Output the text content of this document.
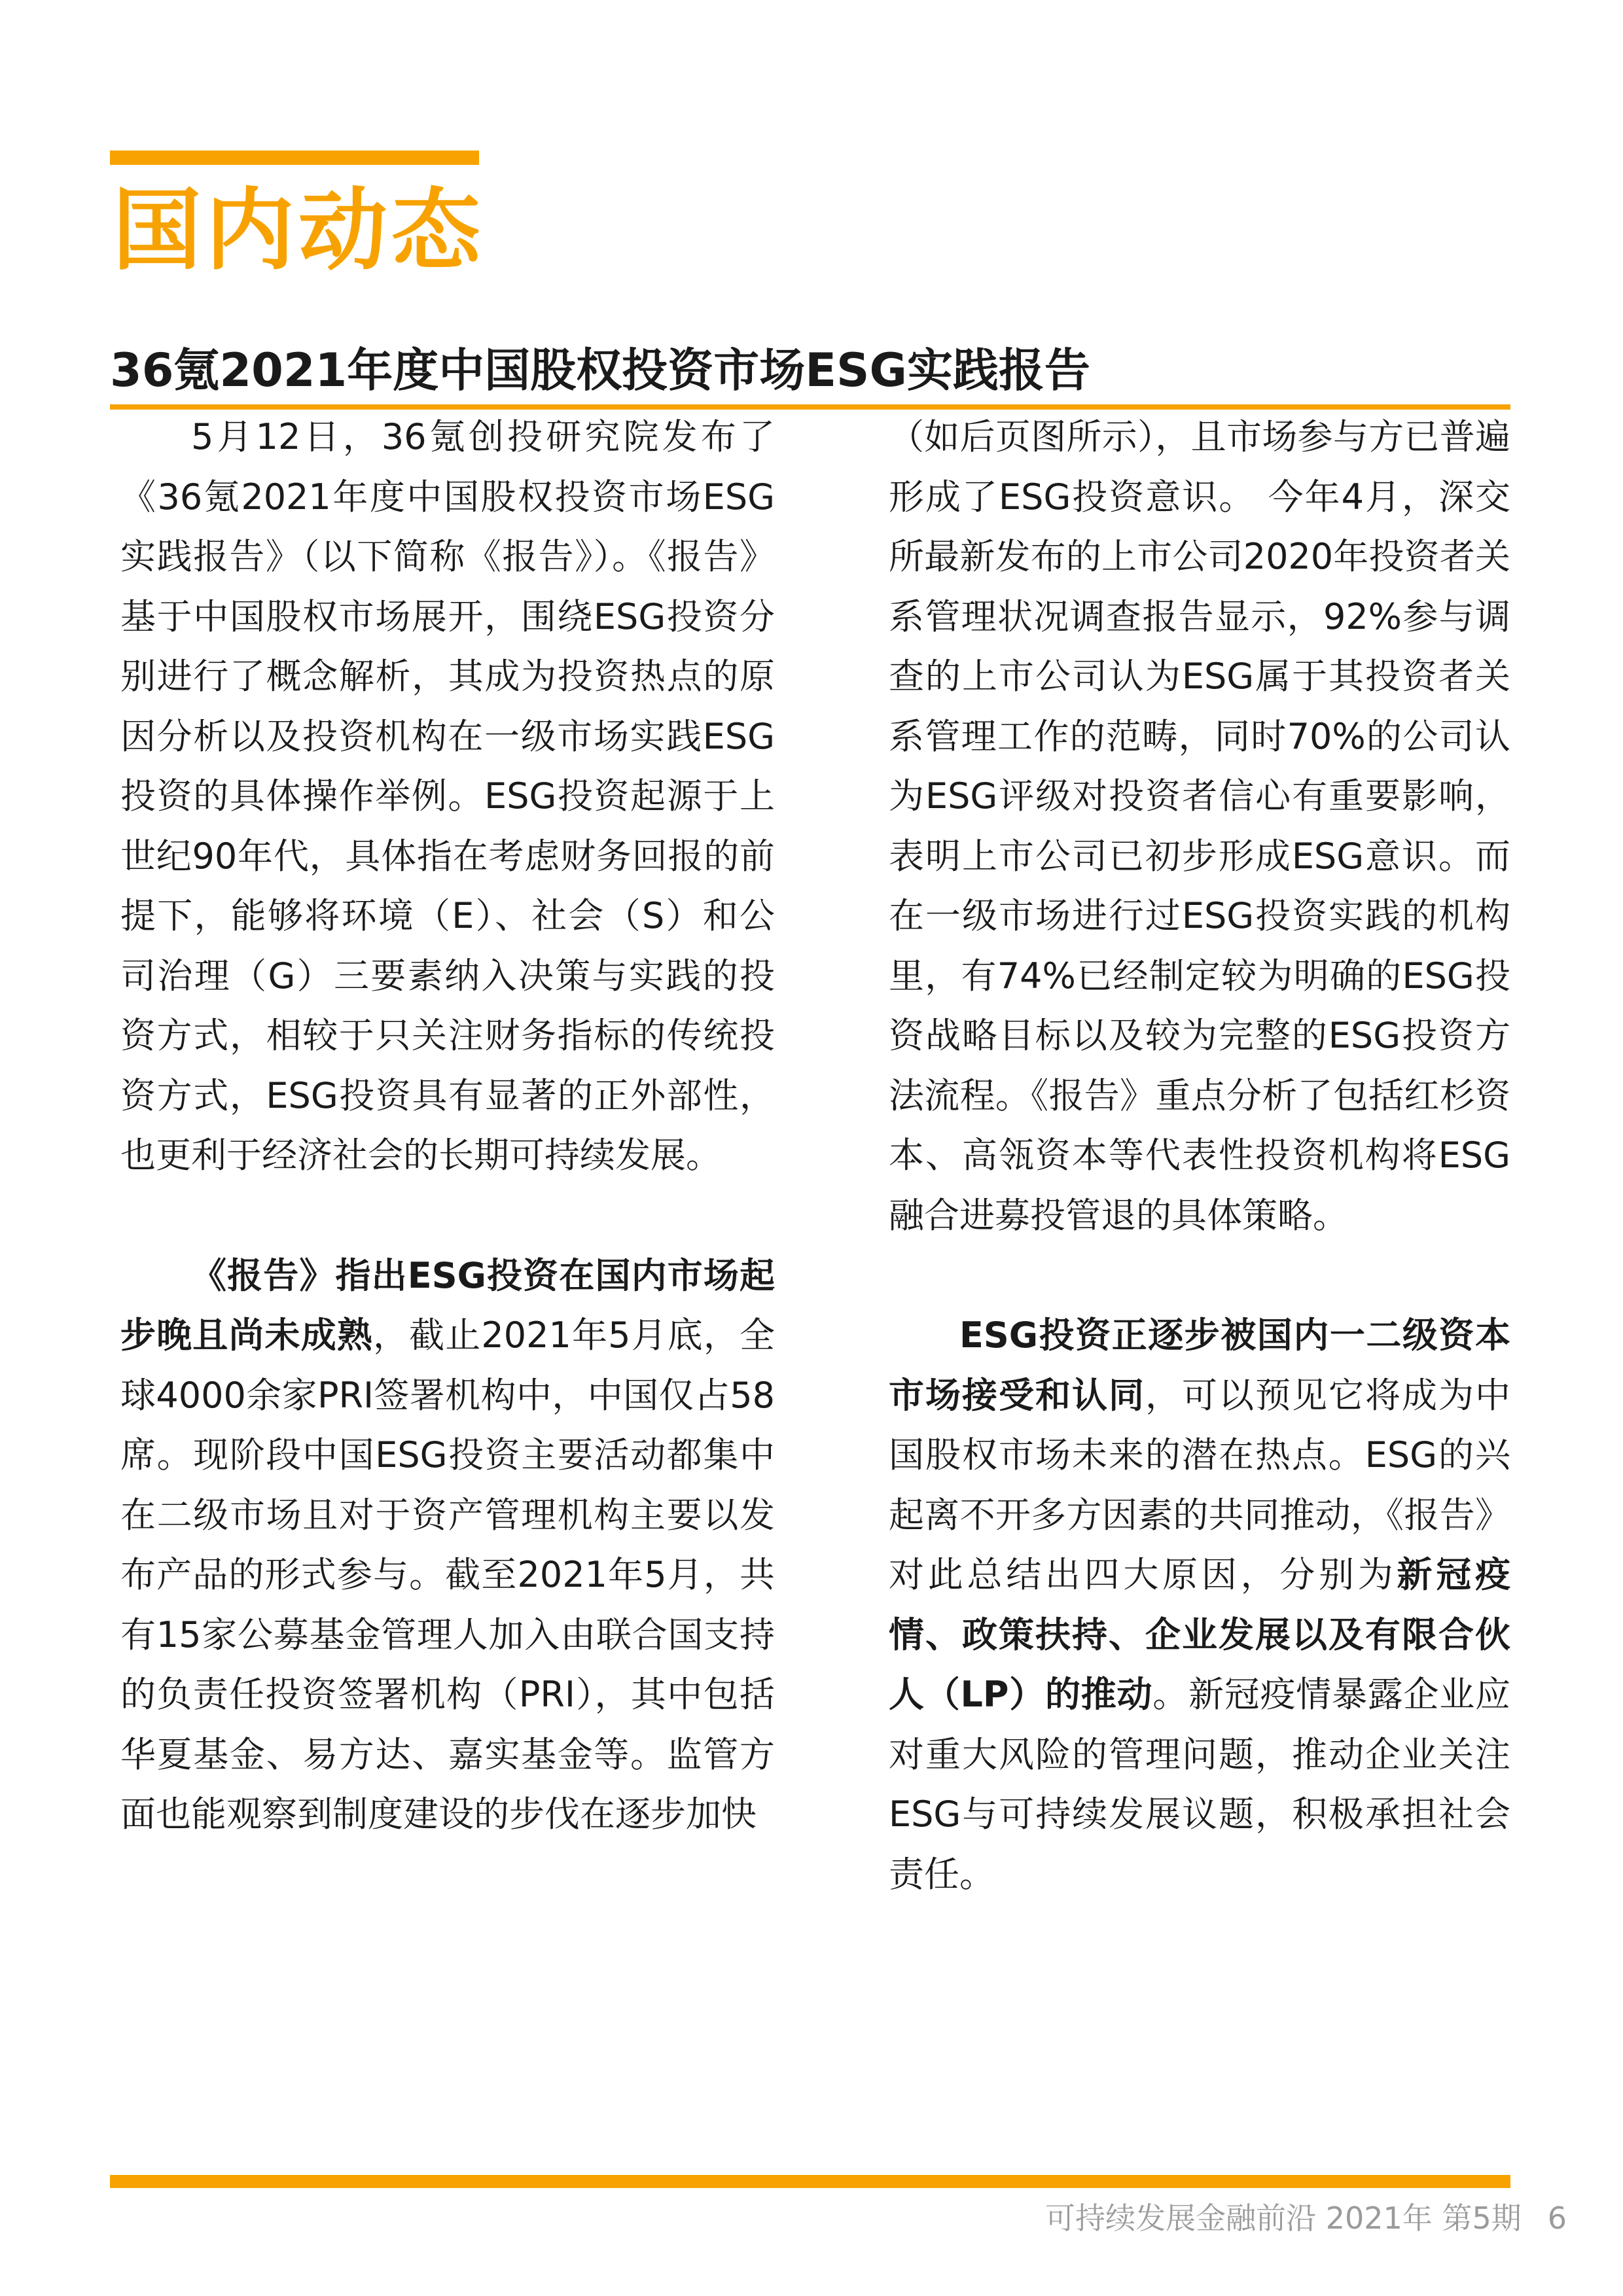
国内动态
36氪2021年度中国股权投资市场ESG实践报告

5月12日，36氪创投研究院发布了《36氪2021年度中国股权投资市场ESG实践报告》（以下简称《报告》）。《报告》基于中国股权市场展开，围绕ESG投资分别进行了概念解析，其成为投资热点的原因分析以及投资机构在一级市场实践ESG投资的具体操作举例。ESG投资起源于上世纪90年代，具体指在考虑财务回报的前提下，能够将环境（E）、社会（S）和公司治理（G）三要素纳入决策与实践的投资方式，相较于只关注财务指标的传统投资方式，ESG投资具有显著的正外部性，也更利于经济社会的长期可持续发展。

《报告》指出ESG投资在国内市场起步晚且尚未成熟，截止2021年5月底，全球4000余家PRI签署机构中，中国仅占58席。现阶段中国ESG投资主要活动都集中在二级市场且对于资产管理机构主要以发布产品的形式参与。截至2021年5月，共有15家公募基金管理人加入由联合国支持的负责任投资签署机构（PRI），其中包括华夏基金、易方达、嘉实基金等。监管方面也能观察到制度建设的步伐在逐步加快

（如后页图所示），且市场参与方已普遍形成了ESG投资意识。 今年4月，深交所最新发布的上市公司2020年投资者关系管理状况调查报告显示，92%参与调查的上市公司认为ESG属于其投资者关系管理工作的范畴，同时70%的公司认为ESG评级对投资者信心有重要影响，表明上市公司已初步形成ESG意识。而在一级市场进行过ESG投资实践的机构里，有74%已经制定较为明确的ESG投资战略目标以及较为完整的ESG投资方法流程。《报告》重点分析了包括红杉资本、高瓴资本等代表性投资机构将ESG融合进募投管退的具体策略。

ESG投资正逐步被国内一二级资本市场接受和认同，可以预见它将成为中国股权市场未来的潜在热点。ESG的兴起离不开多方因素的共同推动，《报告》对此总结出四大原因，分别为新冠疫情、政策扶持、企业发展以及有限合伙人（LP）的推动。新冠疫情暴露企业应对重大风险的管理问题，推动企业关注ESG与可持续发展议题，积极承担社会责任。

可持续发展金融前沿 2021年 第5期 6
